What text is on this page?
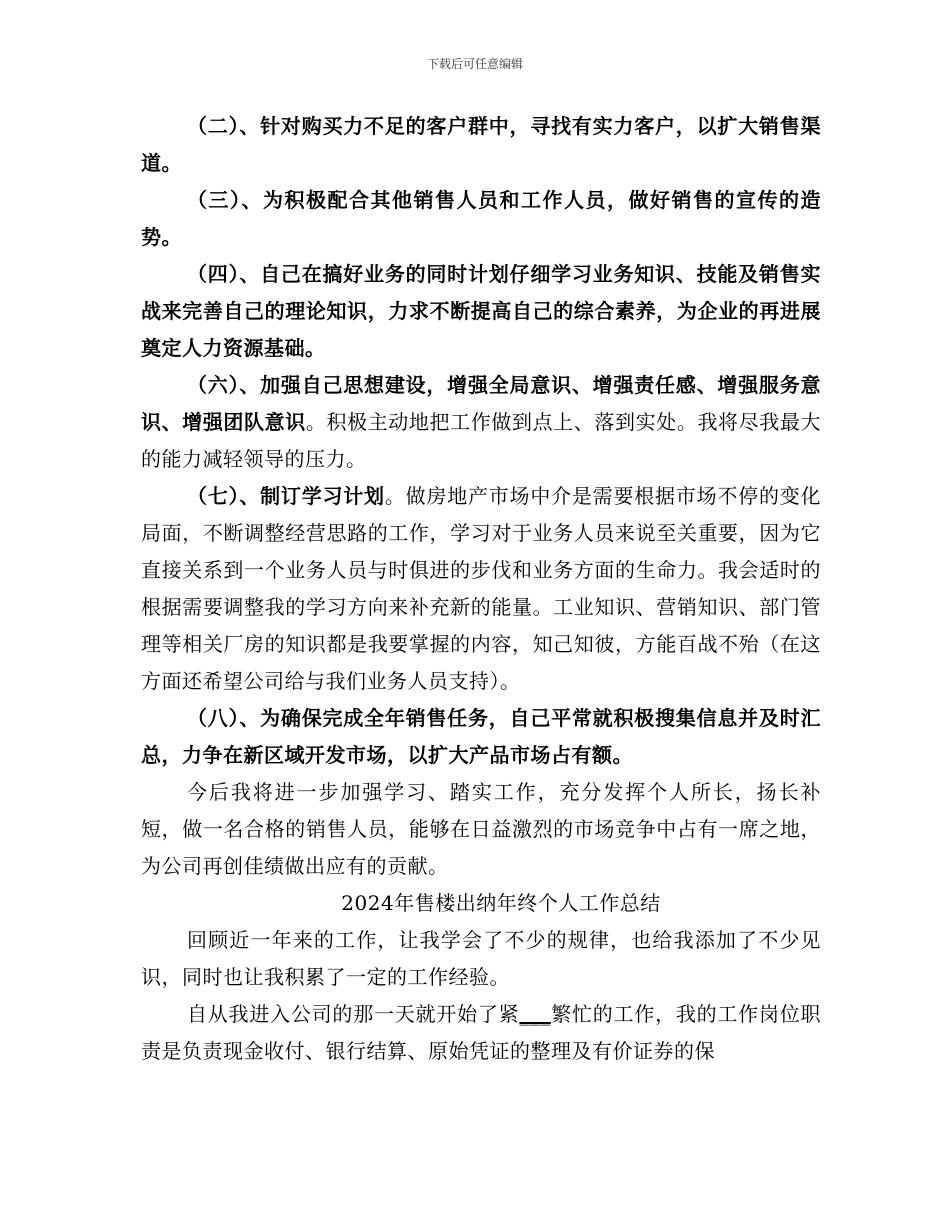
下载后可任意编辑

（二）、针对购买力不足的客户群中，寻找有实力客户，以扩大销售渠道。

（三）、为积极配合其他销售人员和工作人员，做好销售的宣传的造势。

（四）、自己在搞好业务的同时计划仔细学习业务知识、技能及销售实战来完善自己的理论知识，力求不断提高自己的综合素养，为企业的再进展奠定人力资源基础。

（六）、加强自己思想建设，增强全局意识、增强责任感、增强服务意识、增强团队意识。积极主动地把工作做到点上、落到实处。我将尽我最大的能力减轻领导的压力。

（七）、制订学习计划。做房地产市场中介是需要根据市场不停的变化局面，不断调整经营思路的工作，学习对于业务人员来说至关重要，因为它直接关系到一个业务人员与时俱进的步伐和业务方面的生命力。我会适时的根据需要调整我的学习方向来补充新的能量。工业知识、营销知识、部门管理等相关厂房的知识都是我要掌握的内容，知己知彼，方能百战不殆（在这方面还希望公司给与我们业务人员支持）。

（八）、为确保完成全年销售任务，自己平常就积极搜集信息并及时汇总，力争在新区域开发市场，以扩大产品市场占有额。

今后我将进一步加强学习、踏实工作，充分发挥个人所长，扬长补短，做一名合格的销售人员，能够在日益激烈的市场竞争中占有一席之地，为公司再创佳绩做出应有的贡献。

2024年售楼出纳年终个人工作总结

回顾近一年来的工作，让我学会了不少的规律，也给我添加了不少见识，同时也让我积累了一定的工作经验。

自从我进入公司的那一天就开始了紧___繁忙的工作，我的工作岗位职责是负责现金收付、银行结算、原始凭证的整理及有价证券的保
